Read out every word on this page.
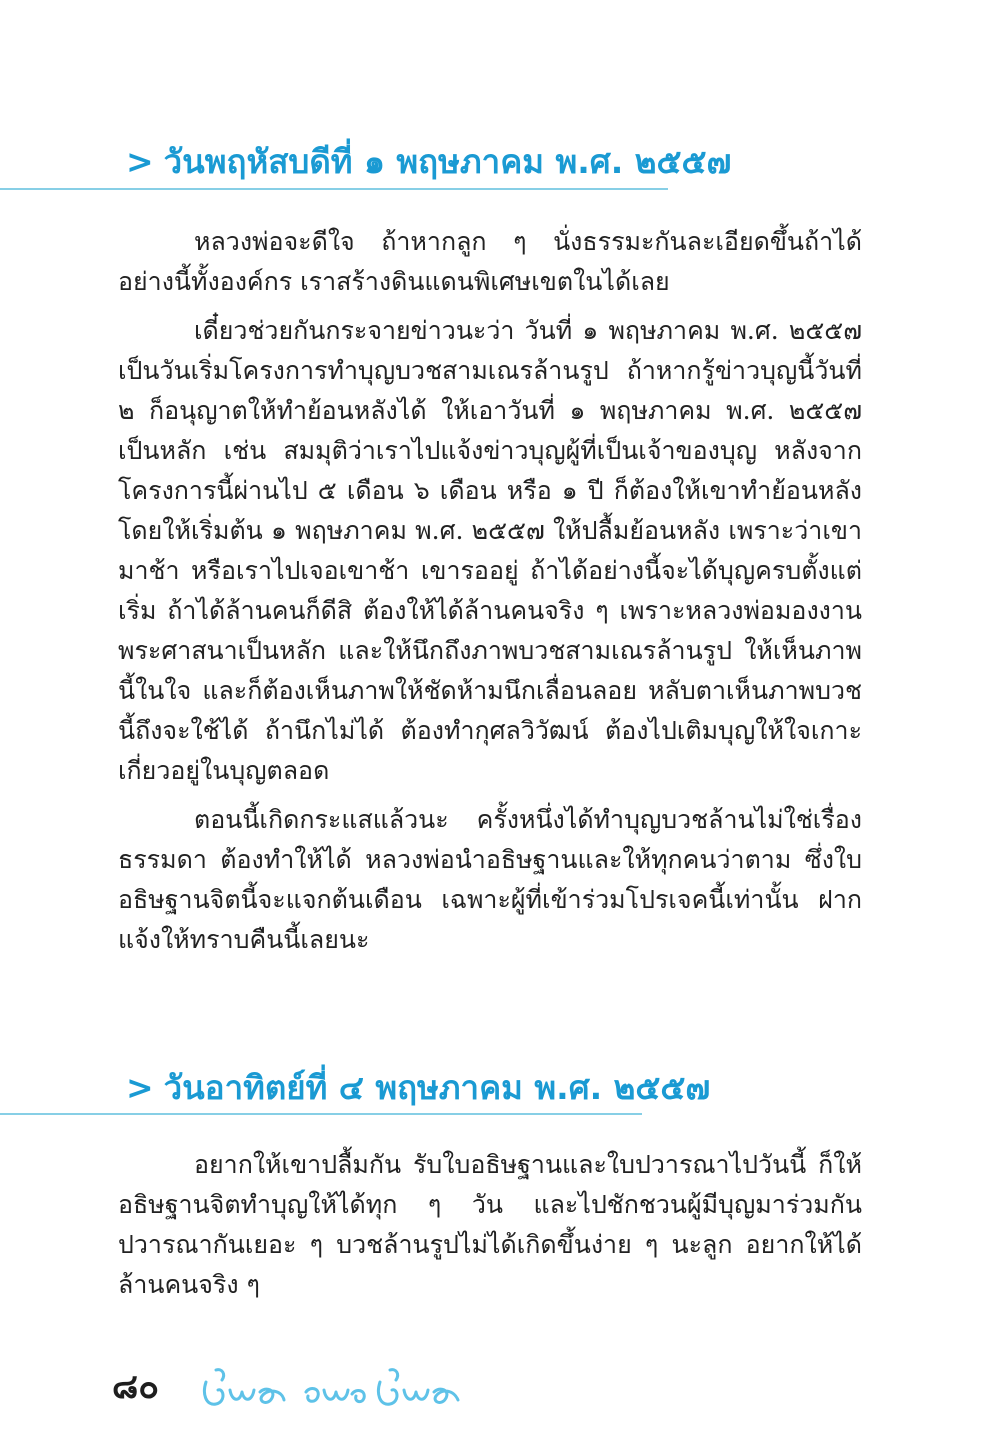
> วันพฤหัสบดีที่ ๑ พฤษภาคม พ.ศ. ๒๕๕๗

หลวงพ่อจะดีใจ ถ้าหากลูก ๆ นั่งธรรมะกันละเอียดขึ้นถ้าได้อย่างนี้ทั้งองค์กร เราสร้างดินแดนพิเศษเขตในได้เลย

เดี๋ยวช่วยกันกระจายข่าวนะว่า วันที่ ๑ พฤษภาคม พ.ศ. ๒๕๕๗ เป็นวันเริ่มโครงการทำบุญบวชสามเณรล้านรูป ถ้าหากรู้ข่าวบุญนี้วันที่ ๒ ก็อนุญาตให้ทำย้อนหลังได้ ให้เอาวันที่ ๑ พฤษภาคม พ.ศ. ๒๕๕๗ เป็นหลัก เช่น สมมุติว่าเราไปแจ้งข่าวบุญผู้ที่เป็นเจ้าของบุญ หลังจากโครงการนี้ผ่านไป ๕ เดือน ๖ เดือน หรือ ๑ ปี ก็ต้องให้เขาทำย้อนหลัง โดยให้เริ่มต้น ๑ พฤษภาคม พ.ศ. ๒๕๕๗ ให้ปลื้มย้อนหลัง เพราะว่าเขามาช้า หรือเราไปเจอเขาช้า เขารออยู่ ถ้าได้อย่างนี้จะได้บุญครบตั้งแต่เริ่ม ถ้าได้ล้านคนก็ดีสิ ต้องให้ได้ล้านคนจริง ๆ เพราะหลวงพ่อมองงานพระศาสนาเป็นหลัก และให้นึกถึงภาพบวชสามเณรล้านรูป ให้เห็นภาพนี้ในใจ และก็ต้องเห็นภาพให้ชัดห้ามนึกเลื่อนลอย หลับตาเห็นภาพบวชนี้ถึงจะใช้ได้ ถ้านึกไม่ได้ ต้องทำกุศลวิวัฒน์ ต้องไปเติมบุญให้ใจเกาะเกี่ยวอยู่ในบุญตลอด

ตอนนี้เกิดกระแสแล้วนะ ครั้งหนึ่งได้ทำบุญบวชล้านไม่ใช่เรื่องธรรมดา ต้องทำให้ได้ หลวงพ่อนำอธิษฐานและให้ทุกคนว่าตาม ซึ่งใบอธิษฐานจิตนี้จะแจกต้นเดือน เฉพาะผู้ที่เข้าร่วมโปรเจคนี้เท่านั้น ฝากแจ้งให้ทราบคืนนี้เลยนะ

> วันอาทิตย์ที่ ๔ พฤษภาคม พ.ศ. ๒๕๕๗

อยากให้เขาปลื้มกัน รับใบอธิษฐานและใบปวารณาไปวันนี้ ก็ให้อธิษฐานจิตทำบุญให้ได้ทุก ๆ วัน และไปชักชวนผู้มีบุญมาร่วมกันปวารณากันเยอะ ๆ บวชล้านรูปไม่ได้เกิดขึ้นง่าย ๆ นะลูก อยากให้ได้ล้านคนจริง ๆ

๘๐
